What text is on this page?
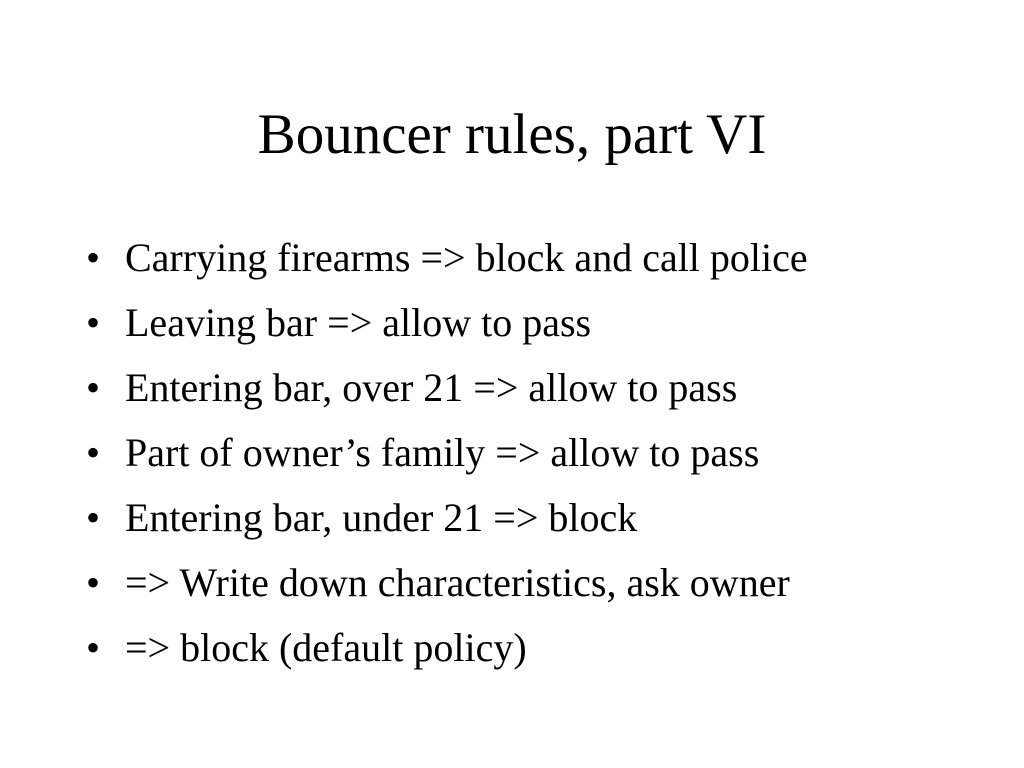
Bouncer rules, part VI
• Carrying firearms => block and call police
• Leaving bar => allow to pass
• Entering bar, over 21 => allow to pass
• Part of owner’s family => allow to pass
• Entering bar, under 21 => block
• => Write down characteristics, ask owner
• => block (default policy)
